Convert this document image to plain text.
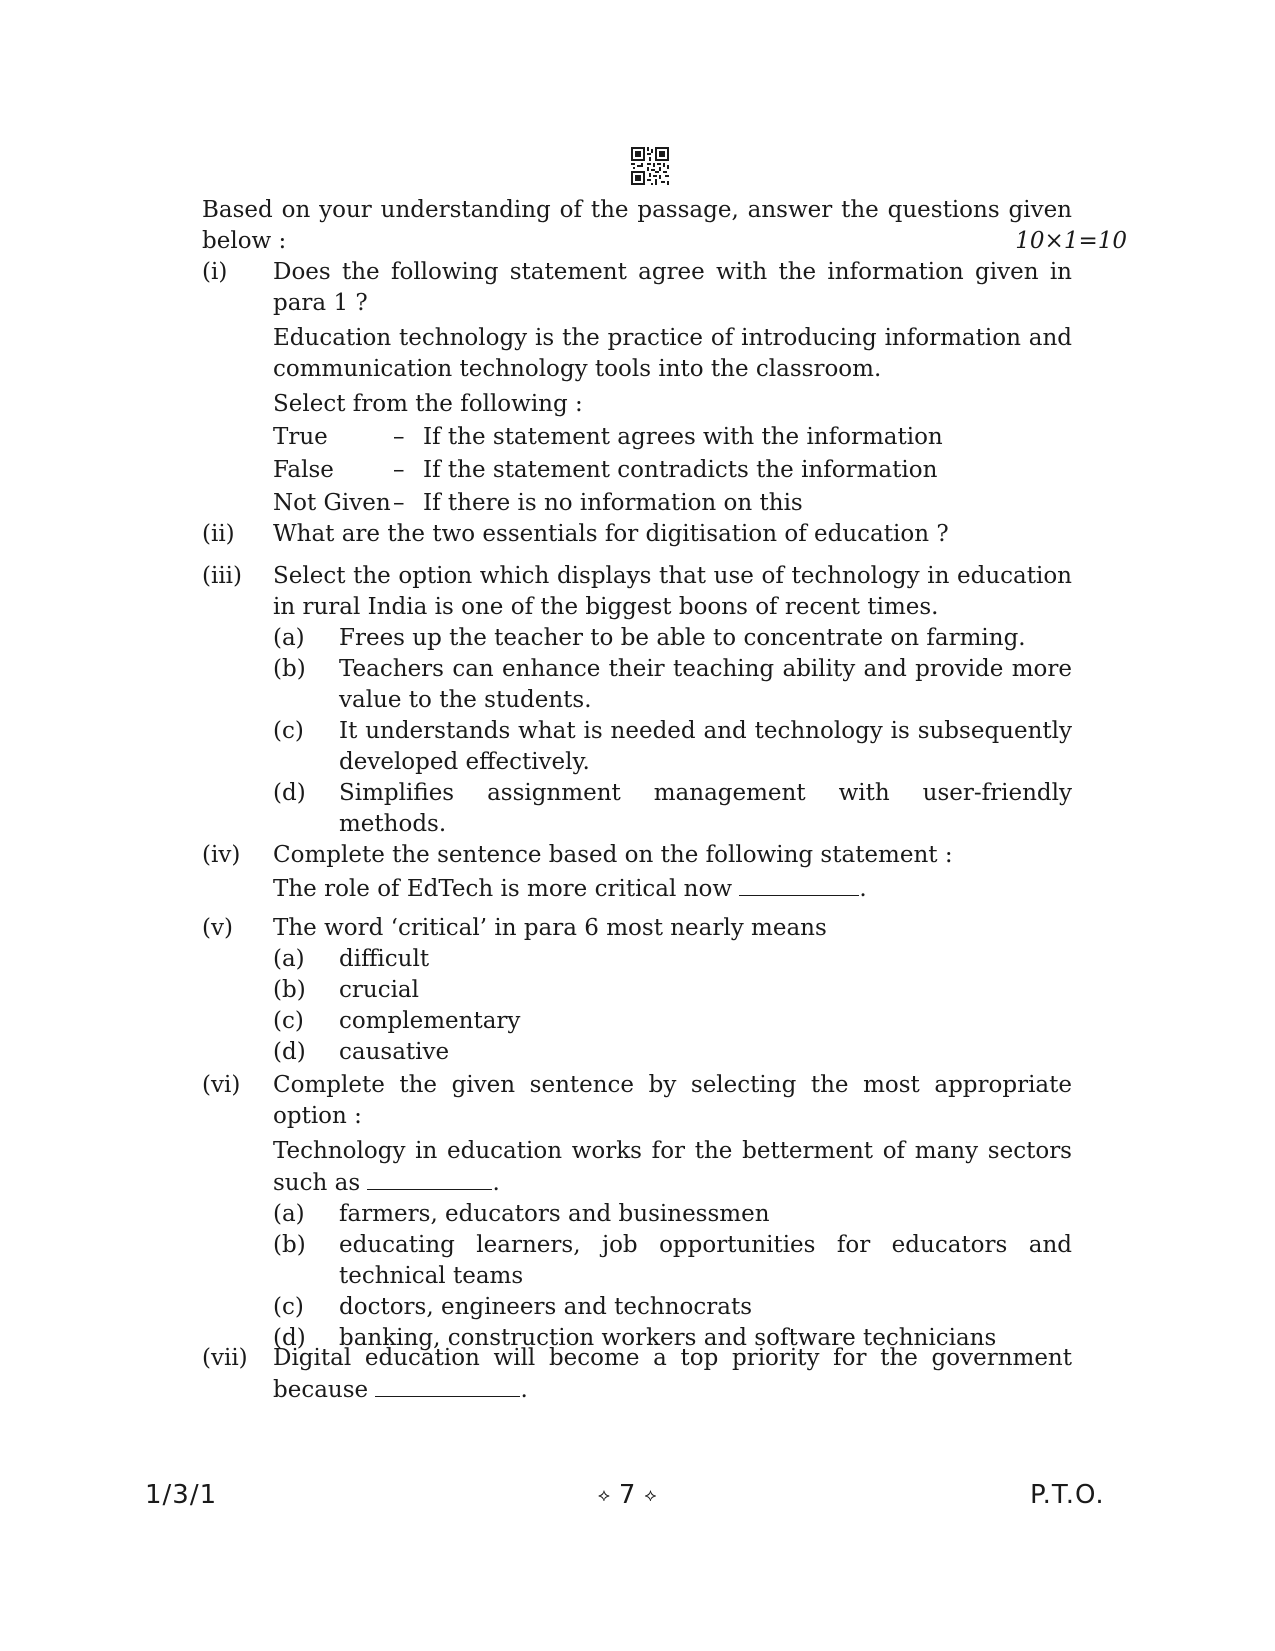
Based on your understanding of the passage, answer the questions given
below :	10×1=10
(i) Does the following statement agree with the information given in para 1 ?
Education technology is the practice of introducing information and communication technology tools into the classroom.
Select from the following :
True	– If the statement agrees with the information
False	– If the statement contradicts the information
Not Given – If there is no information on this
(ii) What are the two essentials for digitisation of education ?
(iii) Select the option which displays that use of technology in education in rural India is one of the biggest boons of recent times.
(a)	Frees up the teacher to be able to concentrate on farming.
(b)	Teachers can enhance their teaching ability and provide more value to the students.
(c)	It understands what is needed and technology is subsequently developed effectively.
(d)	Simplifies assignment management with user-friendly methods.
(iv) Complete the sentence based on the following statement :
The role of EdTech is more critical now	.
(v) The word ‘critical’ in para 6 most nearly means
(a)	difficult
(b)	crucial
(c)	complementary
(d)	causative
(vi) Complete the given sentence by selecting the most appropriate option :
Technology in education works for the betterment of many sectors such as	.
(a)	farmers, educators and businessmen
(b)	educating learners, job opportunities for educators and technical teams
(c)	doctors, engineers and technocrats
(d)	banking, construction workers and software technicians
(vii) Digital education will become a top priority for the government because	.
1/3/1	⟡ 7 ⟡	P.T.O.
